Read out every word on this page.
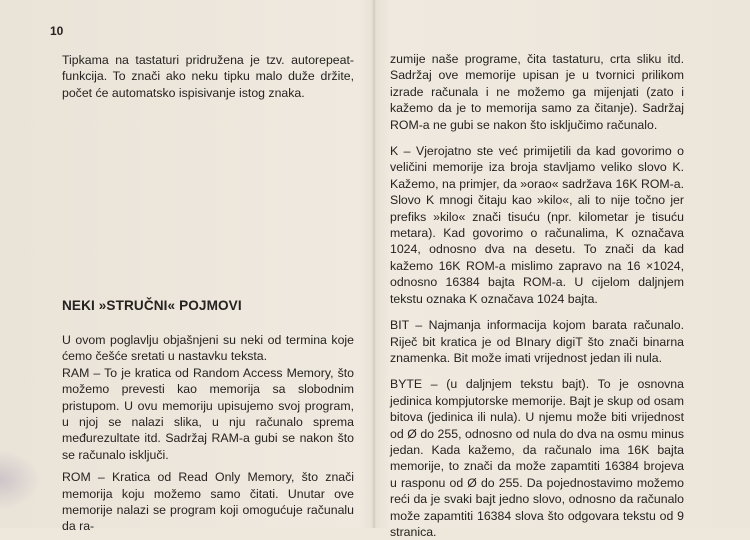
10

Tipkama na tastaturi pridružena je tzv. autorepeat-funkcija. To znači ako neku tipku malo duže držite, počet će automatsko ispisivanje istog znaka.

NEKI »STRUČNI« POJMOVI

U ovom poglavlju objašnjeni su neki od termina koje ćemo češće sretati u nastavku teksta.

RAM – To je kratica od Random Access Memory, što možemo prevesti kao memorija sa slobodnim pristupom. U ovu memoriju upisujemo svoj program, u njoj se nalazi slika, u nju računalo sprema međurezultate itd. Sadržaj RAM-a gubi se nakon što se računalo isključi.

ROM – Kratica od Read Only Memory, što znači memorija koju možemo samo čitati. Unutar ove memorije nalazi se program koji omogućuje računalu da ra-

zumije naše programe, čita tastaturu, crta sliku itd. Sadržaj ove memorije upisan je u tvornici prilikom izrade računala i ne možemo ga mijenjati (zato i kažemo da je to memorija samo za čitanje). Sadržaj ROM-a ne gubi se nakon što isključimo računalo.

K – Vjerojatno ste već primijetili da kad govorimo o veličini memorije iza broja stavljamo veliko slovo K. Kažemo, na primjer, da »orao« sadržava 16K ROM-a. Slovo K mnogi čitaju kao »kilo«, ali to nije točno jer prefiks »kilo« znači tisuću (npr. kilometar je tisuću metara). Kad govorimo o računalima, K označava 1024, odnosno dva na desetu. To znači da kad kažemo 16K ROM-a mislimo zapravo na 16 ×1024, odnosno 16384 bajta ROM-a. U cijelom daljnjem tekstu oznaka K označava 1024 bajta.

BIT – Najmanja informacija kojom barata računalo. Riječ bit kratica je od BInary digiT što znači binarna znamenka. Bit može imati vrijednost jedan ili nula.

BYTE – (u daljnjem tekstu bajt). To je osnovna jedinica kompjutorske memorije. Bajt je skup od osam bitova (jedinica ili nula). U njemu može biti vrijednost od Ø do 255, odnosno od nula do dva na osmu minus jedan. Kada kažemo, da računalo ima 16K bajta memorije, to znači da može zapamtiti 16384 brojeva u rasponu od Ø do 255. Da pojednostavimo možemo reći da je svaki bajt jedno slovo, odnosno da računalo može zapamtiti 16384 slova što odgovara tekstu od 9 stranica.
